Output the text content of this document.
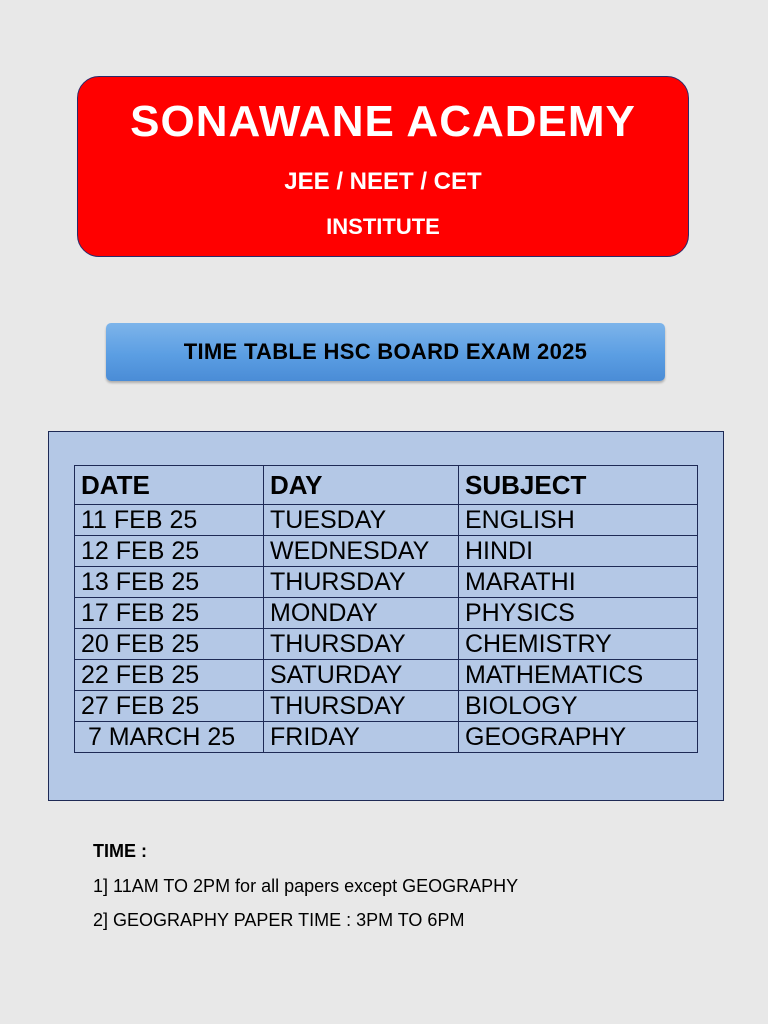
SONAWANE ACADEMY
JEE / NEET / CET
INSTITUTE
TIME TABLE HSC BOARD EXAM 2025
DATE	DAY	SUBJECT
11 FEB 25	TUESDAY	ENGLISH
12 FEB 25	WEDNESDAY	HINDI
13 FEB 25	THURSDAY	MARATHI
17 FEB 25	MONDAY	PHYSICS
20 FEB 25	THURSDAY	CHEMISTRY
22 FEB 25	SATURDAY	MATHEMATICS
27 FEB 25	THURSDAY	BIOLOGY
7 MARCH 25	FRIDAY	GEOGRAPHY
TIME :
1] 11AM TO 2PM for all papers except GEOGRAPHY
2] GEOGRAPHY PAPER TIME : 3PM TO 6PM
